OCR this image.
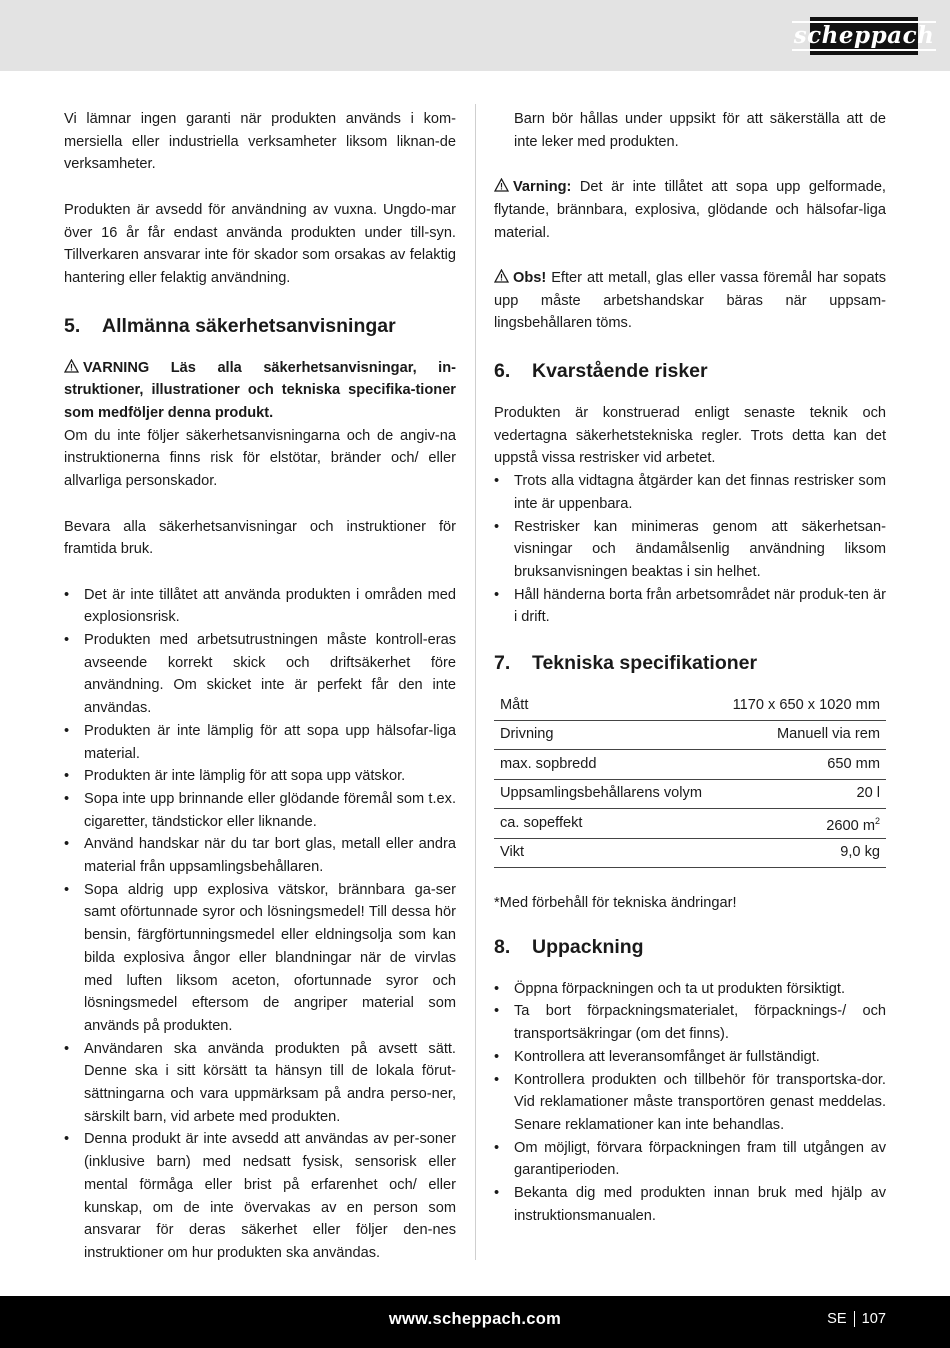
scheppach

Vi lämnar ingen garanti när produkten används i kom-mersiella eller industriella verksamheter liksom liknan-de verksamheter.

Produkten är avsedd för användning av vuxna. Ungdo-mar över 16 år får endast använda produkten under till-syn. Tillverkaren ansvarar inte för skador som orsakas av felaktig hantering eller felaktig användning.

5.	Allmänna säkerhetsanvisningar

VARNING Läs alla säkerhetsanvisningar, in-struktioner, illustrationer och tekniska specifika-tioner som medföljer denna produkt.

Om du inte följer säkerhetsanvisningarna och de angiv-na instruktionerna finns risk för elstötar, bränder och/ eller allvarliga personskador.

Bevara alla säkerhetsanvisningar och instruktioner för framtida bruk.

• Det är inte tillåtet att använda produkten i områden med explosionsrisk.
• Produkten med arbetsutrustningen måste kontroll-eras avseende korrekt skick och driftsäkerhet före användning. Om skicket inte är perfekt får den inte användas.
• Produkten är inte lämplig för att sopa upp hälsofar-liga material.
• Produkten är inte lämplig för att sopa upp vätskor.
• Sopa inte upp brinnande eller glödande föremål som t.ex. cigaretter, tändstickor eller liknande.
• Använd handskar när du tar bort glas, metall eller andra material från uppsamlingsbehållaren.
• Sopa aldrig upp explosiva vätskor, brännbara ga-ser samt oförtunnade syror och lösningsmedel! Till dessa hör bensin, färgförtunningsmedel eller eldningsolja som kan bilda explosiva ångor eller blandningar när de virvlas med luften liksom aceton, ofortunnade syror och lösningsmedel eftersom de angriper material som används på produkten.
• Användaren ska använda produkten på avsett sätt. Denne ska i sitt körsätt ta hänsyn till de lokala förut-sättningarna och vara uppmärksam på andra perso-ner, särskilt barn, vid arbete med produkten.
• Denna produkt är inte avsedd att användas av per-soner (inklusive barn) med nedsatt fysisk, sensorisk eller mental förmåga eller brist på erfarenhet och/ eller kunskap, om de inte övervakas av en person som ansvarar för deras säkerhet eller följer den-nes instruktioner om hur produkten ska användas.
Barn bör hållas under uppsikt för att säkerställa att de inte leker med produkten.

Varning: Det är inte tillåtet att sopa upp gelformade, flytande, brännbara, explosiva, glödande och hälsofar-liga material.

Obs! Efter att metall, glas eller vassa föremål har sopats upp måste arbetshandskar bäras när uppsam-lingsbehållaren töms.

6.	Kvarstående risker

Produkten är konstruerad enligt senaste teknik och vedertagna säkerhetstekniska regler. Trots detta kan det uppstå vissa restrisker vid arbetet.

• Trots alla vidtagna åtgärder kan det finnas restrisker som inte är uppenbara.
• Restrisker kan minimeras genom att säkerhetsan-visningar och ändamålsenlig användning liksom bruksanvisningen beaktas i sin helhet.
• Håll händerna borta från arbetsområdet när produk-ten är i drift.
7.	Tekniska specifikationer
Mått	1170 x 650 x 1020 mm
Drivning	Manuell via rem
max. sopbredd	650 mm
Uppsamlingsbehållarens volym	20 l
ca. sopeffekt	2600 $m^2$
Vikt	9,0 kg

*Med förbehåll för tekniska ändringar!

8.	Uppackning
• Öppna förpackningen och ta ut produkten försiktigt.
• Ta bort förpackningsmaterialet, förpacknings-/ och transportsäkringar (om det finns).
• Kontrollera att leveransomfånget är fullständigt.
• Kontrollera produkten och tillbehör för transportska-dor. Vid reklamationer måste transportören genast meddelas. Senare reklamationer kan inte behandlas.
• Om möjligt, förvara förpackningen fram till utgången av garantiperioden.
• Bekanta dig med produkten innan bruk med hjälp av instruktionsmanualen.
www.scheppach.com	SE 107
